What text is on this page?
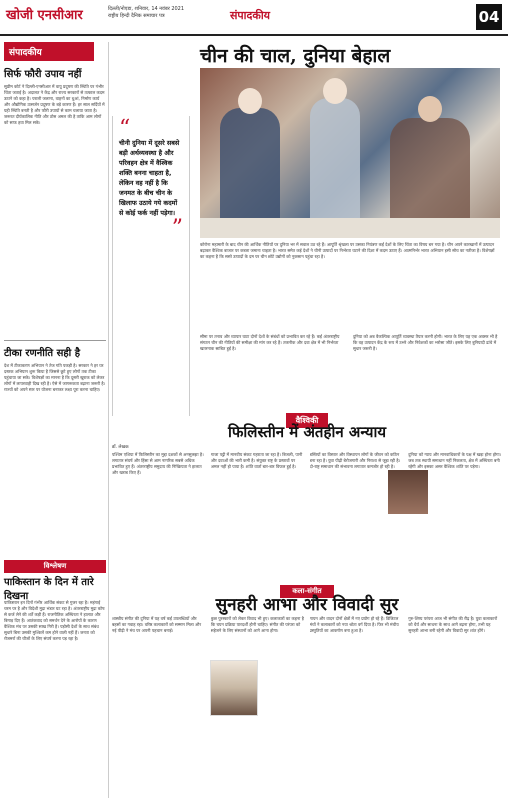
खोजी एनसीआर	दिल्ली/नोएडा, शनिवार, 14 नवंबर 2021
राष्ट्रीय हिन्दी दैनिक समाचार पत्र	संपादकीय	04
संपादकीय
सिर्फ फौरी उपाय नहीं
सुप्रीम कोर्ट ने दिल्ली-एनसीआर में वायु प्रदूषण की स्थिति पर गंभीर चिंता जताई है। अदालत ने केंद्र और राज्य सरकारों से तत्काल कदम उठाने को कहा है। पराली जलाना, वाहनों का धुआं, निर्माण कार्य और औद्योगिक उत्सर्जन प्रदूषण के बड़े कारण हैं। हर साल सर्दियों में यही स्थिति बनती है और फौरी उपायों से काम चलाया जाता है। जरूरत दीर्घकालिक नीति और ठोस अमल की है ताकि आम लोगों को साफ हवा मिल सके।
टीका रणनीति सही है
देश में टीकाकरण अभियान ने तेज गति पकड़ी है। सरकार ने हर घर दस्तक अभियान शुरू किया है जिससे छूटे हुए लोगों तक टीका पहुंचाया जा सके। विशेषज्ञों का मानना है कि दूसरी खुराक को लेकर लोगों में लापरवाही दिख रही है। ऐसे में जागरूकता बढ़ाना जरूरी है। राज्यों को अपने स्तर पर योजना बनाकर लक्ष्य पूरा करना चाहिए।
“
चीनी दुनिया में दूसरे सबसे बड़ी अर्थव्यवस्था है और परिवहन क्षेत्र में वैश्विक शक्ति बनना चाहता है, लेकिन वह नहीं है कि जनमत के बीच चीन के खिलाफ उठाये गये कदमों से कोई फर्क नहीं पड़ेगा।
”
चीन की चाल, दुनिया बेहाल
कोरोना महामारी के बाद चीन की आर्थिक नीतियों पर दुनिया भर में सवाल उठ रहे हैं। आपूर्ति श्रृंखला पर उसका नियंत्रण कई देशों के लिए चिंता का विषय बन गया है। चीन अपने कारखानों में उत्पादन बढ़ाकर वैश्विक बाजार पर कब्जा जमाना चाहता है। भारत समेत कई देशों ने चीनी उत्पादों पर निर्भरता घटाने की दिशा में कदम उठाए हैं। आत्मनिर्भर भारत अभियान इसी सोच का नतीजा है। विशेषज्ञों का कहना है कि सस्ते उत्पादों के दम पर चीन छोटे उद्योगों को नुकसान पहुंचा रहा है।
सीमा पर तनाव और व्यापार घाटा दोनों देशों के संबंधों को प्रभावित कर रहे हैं। कई अंतरराष्ट्रीय संगठन चीन की नीतियों की समीक्षा की मांग कर रहे हैं। तकनीक और दवा क्षेत्र में भी निर्भरता खतरनाक साबित हुई है।
दुनिया को अब वैकल्पिक आपूर्ति व्यवस्था तैयार करनी होगी। भारत के लिए यह एक अवसर भी है कि वह उत्पादन केंद्र के रूप में उभरे और निवेशकों का भरोसा जीते। इसके लिए बुनियादी ढांचे में सुधार जरूरी है।
वैश्विकी
फिलिस्तीन में अंतहीन अन्याय
डॉ. लेखक
पश्चिम एशिया में फिलिस्तीन का मुद्दा दशकों से अनसुलझा है। लगातार संघर्ष और हिंसा से आम नागरिक सबसे अधिक प्रभावित हुए हैं। अंतरराष्ट्रीय समुदाय की निष्क्रियता ने हालात और खराब किए हैं।
गाजा पट्टी में मानवीय संकट गहराता जा रहा है। बिजली, पानी और दवाओं की भारी कमी है। संयुक्त राष्ट्र के प्रस्तावों पर अमल नहीं हो पाया है। शांति वार्ता बार-बार विफल हुई है।
बस्तियों का विस्तार और विस्थापन लोगों के जीवन को कठिन बना रहा है। युवा पीढ़ी बेरोजगारी और निराशा से जूझ रही है। दो-राष्ट्र समाधान की संभावना लगातार कमजोर हो रही है।
दुनिया को न्याय और मानवाधिकारों के पक्ष में खड़ा होना होगा। जब तक स्थायी समाधान नहीं निकलता, क्षेत्र में अस्थिरता बनी रहेगी और इसका असर वैश्विक शांति पर पड़ेगा।
विश्लेषण
पाकिस्तान के दिन में तारे दिखना
पाकिस्तान इन दिनों गंभीर आर्थिक संकट से गुजर रहा है। महंगाई चरम पर है और विदेशी मुद्रा भंडार घट रहा है। अंतरराष्ट्रीय मुद्रा कोष से कर्ज लेने की शर्तें कड़ी हैं। राजनीतिक अस्थिरता ने हालात और बिगाड़ दिए हैं। आतंकवाद को समर्थन देने के आरोपों के कारण वैश्विक मंच पर उसकी साख गिरी है। पड़ोसी देशों के साथ संबंध सुधारे बिना उसकी मुश्किलें कम होने वाली नहीं हैं। जनता को रोजमर्रा की चीजों के लिए संघर्ष करना पड़ रहा है।
कला-संगीत
सुनहरी आभा और विवादी सुर
शास्त्रीय संगीत की दुनिया में यह वर्ष कई उपलब्धियों और बहसों का गवाह रहा। वरिष्ठ कलाकारों को सम्मान मिला और नई पीढ़ी ने मंच पर अपनी पहचान बनाई।
कुछ पुरस्कारों को लेकर विवाद भी हुए। कलाकारों का कहना है कि चयन प्रक्रिया पारदर्शी होनी चाहिए। संगीत की परंपरा को सहेजने के लिए संस्थानों को आगे आना होगा।
गायन और वादन दोनों क्षेत्रों में नए प्रयोग हो रहे हैं। डिजिटल मंचों ने कलाकारों को नया श्रोता वर्ग दिया है। फिर भी मंचीय प्रस्तुतियों का आकर्षण बना हुआ है।
गुरु-शिष्य परंपरा आज भी संगीत की रीढ़ है। युवा कलाकारों को धैर्य और साधना के साथ आगे बढ़ना होगा, तभी यह सुनहरी आभा बनी रहेगी और विवादी सुर शांत होंगे।
